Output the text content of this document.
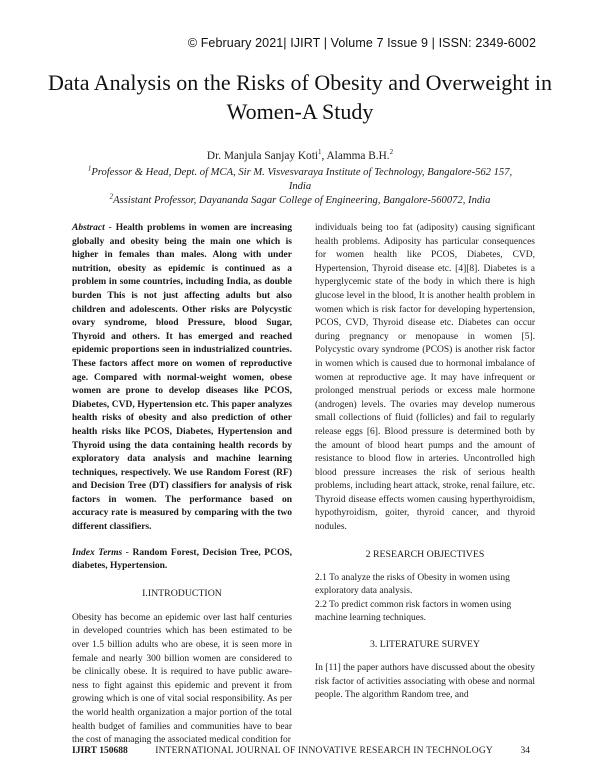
© February 2021| IJIRT | Volume 7 Issue 9 | ISSN: 2349-6002
Data Analysis on the Risks of Obesity and Overweight in
Women-A Study
Dr. Manjula Sanjay Koti$^1$, Alamma B.H.$^2$
$^1$Professor & Head, Dept. of MCA, Sir M. Visvesvaraya Institute of Technology, Bangalore-562 157,
India
$^2$Assistant Professor, Dayananda Sagar College of Engineering, Bangalore-560072, India

Abstract - Health problems in women are increasing globally and obesity being the main one which is higher in females than males. Along with under nutrition, obesity as epidemic is continued as a problem in some countries, including India, as double burden This is not just affecting adults but also children and adolescents. Other risks are Polycystic ovary syndrome, blood Pressure, blood Sugar, Thyroid and others. It has emerged and reached epidemic proportions seen in industrialized countries. These factors affect more on women of reproductive age. Compared with normal-weight women, obese women are prone to develop diseases like PCOS, Diabetes, CVD, Hypertension etc. This paper analyzes health risks of obesity and also prediction of other health risks like PCOS, Diabetes, Hypertension and Thyroid using the data containing health records by exploratory data analysis and machine learning techniques, respectively. We use Random Forest (RF) and Decision Tree (DT) classifiers for analysis of risk factors in women. The performance based on accuracy rate is measured by comparing with the two different classifiers.

Index Terms - Random Forest, Decision Tree, PCOS, diabetes, Hypertension.

I.INTRODUCTION

Obesity has become an epidemic over last half centuries in developed countries which has been estimated to be over 1.5 billion adults who are obese, it is seen more in female and nearly 300 billion women are considered to be clinically obese. It is required to have public aware-ness to fight against this epidemic and prevent it from growing which is one of vital social responsibility. As per the world health organization a major portion of the total health budget of families and communities have to bear the cost of managing the associated medical condition for

individuals being too fat (adiposity) causing significant health problems. Adiposity has particular consequences for women health like PCOS, Diabetes, CVD, Hypertension, Thyroid disease etc. [4][8]. Diabetes is a hyperglycemic state of the body in which there is high glucose level in the blood, It is another health problem in women which is risk factor for developing hypertension, PCOS, CVD, Thyroid disease etc. Diabetes can occur during pregnancy or menopause in women [5]. Polycystic ovary syndrome (PCOS) is another risk factor in women which is caused due to hormonal imbalance of women at reproductive age. It may have infrequent or prolonged menstrual periods or excess male hormone (androgen) levels. The ovaries may develop numerous small collections of fluid (follicles) and fail to regularly release eggs [6]. Blood pressure is determined both by the amount of blood heart pumps and the amount of resistance to blood flow in arteries. Uncontrolled high blood pressure increases the risk of serious health problems, including heart attack, stroke, renal failure, etc. Thyroid disease effects women causing hyperthyroidism, hypothyroidism, goiter, thyroid cancer, and thyroid nodules.

2 RESEARCH OBJECTIVES

2.1 To analyze the risks of Obesity in women using exploratory data analysis.

2.2 To predict common risk factors in women using machine learning techniques.

3. LITERATURE SURVEY

In [11] the paper authors have discussed about the obesity risk factor of activities associating with obese and normal people. The algorithm Random tree, and

IJIRT 150688	INTERNATIONAL JOURNAL OF INNOVATIVE RESEARCH IN TECHNOLOGY	34
